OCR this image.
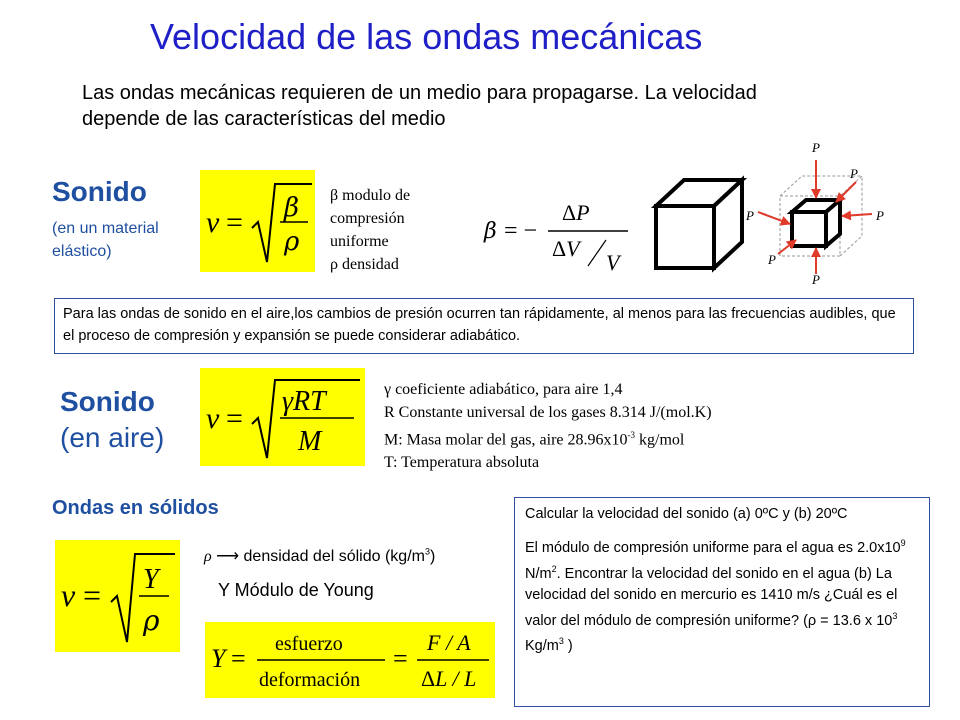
Velocidad de las ondas mecánicas
Las ondas mecánicas requieren de un medio para propagarse. La velocidad depende de las características del medio
Sonido
(en un material
elástico)
v = β
ρ
β modulo de
compresión
uniforme
ρ densidad
β = −
ΔP
ΔV
V
P
P
P	P
P
P
Para las ondas de sonido en el aire,los cambios de presión ocurren tan rápidamente, al menos para las frecuencias audibles, que el proceso de compresión y expansión se puede considerar adiabático.
Sonido
(en aire)
v =
γRT
M
γ coeficiente adiabático, para aire 1,4
R Constante universal de los gases 8.314 J/(mol.K)
M: Masa molar del gas, aire $28.96x10^{-3}$ kg/mol
T: Temperatura absoluta
Ondas en sólidos
v = Y
ρ
ρ ⟶ densidad del sólido $(kg/m^3)$
Y Módulo de Young
Y = esfuerzo
deformación
=
F / A
ΔL / L

Calcular la velocidad del sonido (a) 0ºC y (b) 20ºC

El módulo de compresión uniforme para el agua es $2.0x10^9$ $N/m^2$. Encontrar la velocidad del sonido en el agua (b) La velocidad del sonido en mercurio es 1410 m/s ¿Cuál es el valor del módulo de compresión uniforme? (ρ = 13.6 x $10^3$ $Kg/m^3$ )
